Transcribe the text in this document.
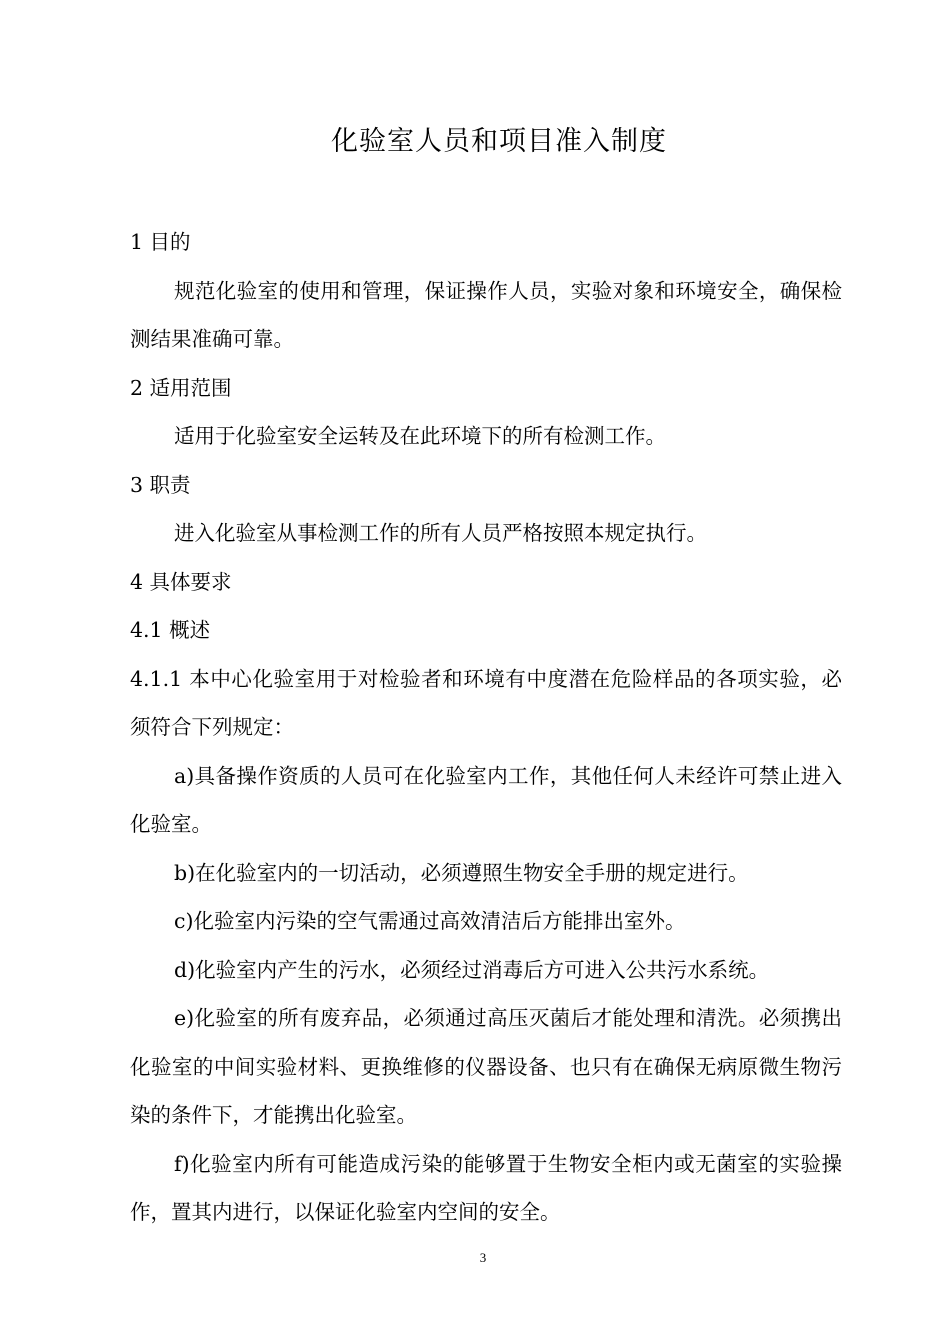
化验室人员和项目准入制度

1 目的

规范化验室的使用和管理，保证操作人员，实验对象和环境安全，确保检测结果准确可靠。

2 适用范围

适用于化验室安全运转及在此环境下的所有检测工作。

3 职责

进入化验室从事检测工作的所有人员严格按照本规定执行。

4 具体要求

4.1 概述

4.1.1 本中心化验室用于对检验者和环境有中度潜在危险样品的各项实验，必须符合下列规定：

a)具备操作资质的人员可在化验室内工作，其他任何人未经许可禁止进入化验室。

b)在化验室内的一切活动，必须遵照生物安全手册的规定进行。

c)化验室内污染的空气需通过高效清洁后方能排出室外。

d)化验室内产生的污水，必须经过消毒后方可进入公共污水系统。

e)化验室的所有废弃品，必须通过高压灭菌后才能处理和清洗。必须携出化验室的中间实验材料、更换维修的仪器设备、也只有在确保无病原微生物污染的条件下，才能携出化验室。

f)化验室内所有可能造成污染的能够置于生物安全柜内或无菌室的实验操作，置其内进行，以保证化验室内空间的安全。

3
